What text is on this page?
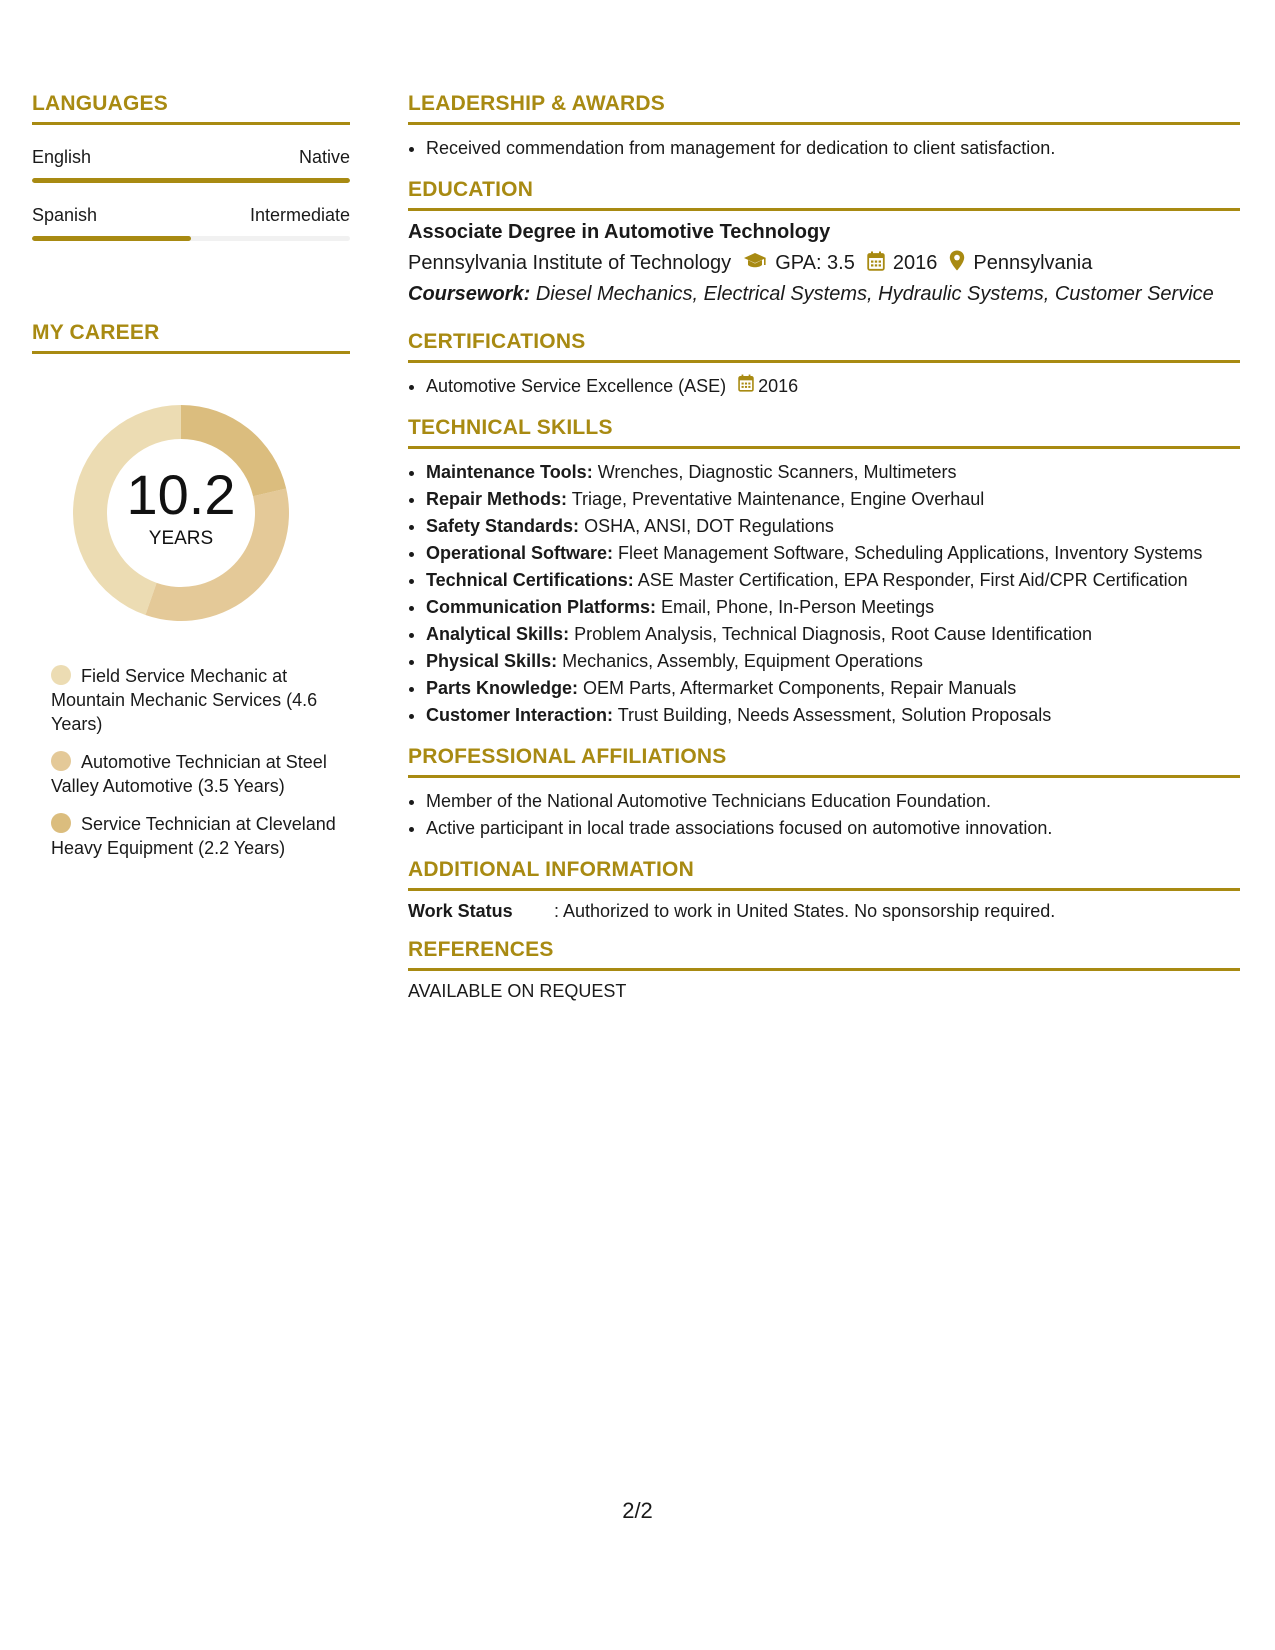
LANGUAGES
English	Native
Spanish	Intermediate
MY CAREER
10.2
YEARS
Field Service Mechanic at Mountain Mechanic Services (4.6 Years)
Automotive Technician at Steel Valley Automotive (3.5 Years)
Service Technician at Cleveland Heavy Equipment (2.2 Years)
LEADERSHIP & AWARDS
• Received commendation from management for dedication to client satisfaction.
EDUCATION
Associate Degree in Automotive Technology
Pennsylvania Institute of Technology GPA: 3.5 2016 Pennsylvania
Coursework: Diesel Mechanics, Electrical Systems, Hydraulic Systems, Customer Service
CERTIFICATIONS
• Automotive Service Excellence (ASE) 2016
TECHNICAL SKILLS
• Maintenance Tools: Wrenches, Diagnostic Scanners, Multimeters
• Repair Methods: Triage, Preventative Maintenance, Engine Overhaul
• Safety Standards: OSHA, ANSI, DOT Regulations
• Operational Software: Fleet Management Software, Scheduling Applications, Inventory Systems
• Technical Certifications: ASE Master Certification, EPA Responder, First Aid/CPR Certification
• Communication Platforms: Email, Phone, In-Person Meetings
• Analytical Skills: Problem Analysis, Technical Diagnosis, Root Cause Identification
• Physical Skills: Mechanics, Assembly, Equipment Operations
• Parts Knowledge: OEM Parts, Aftermarket Components, Repair Manuals
• Customer Interaction: Trust Building, Needs Assessment, Solution Proposals
PROFESSIONAL AFFILIATIONS
• Member of the National Automotive Technicians Education Foundation.
• Active participant in local trade associations focused on automotive innovation.
ADDITIONAL INFORMATION
Work Status	: Authorized to work in United States. No sponsorship required.
REFERENCES
AVAILABLE ON REQUEST
2/2
